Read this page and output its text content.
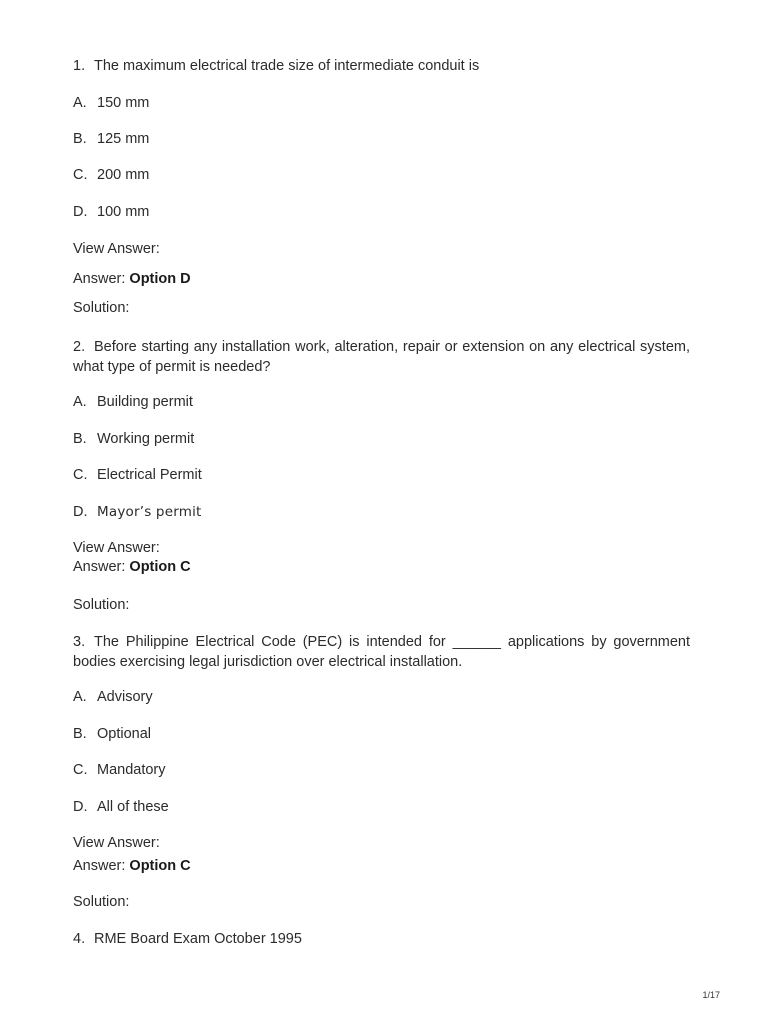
1. The maximum electrical trade size of intermediate conduit is
A. 150 mm
B. 125 mm
C. 200 mm
D. 100 mm
View Answer:
Answer: Option D
Solution:
2. Before starting any installation work, alteration, repair or extension on any electrical system, what type of permit is needed?
A. Building permit
B. Working permit
C. Electrical Permit
D. Mayor’s permit
View Answer:
Answer: Option C
Solution:
3. The Philippine Electrical Code (PEC) is intended for ______ applications by government bodies exercising legal jurisdiction over electrical installation.
A. Advisory
B. Optional
C. Mandatory
D. All of these
View Answer:
Answer: Option C
Solution:
4. RME Board Exam October 1995
1/17
